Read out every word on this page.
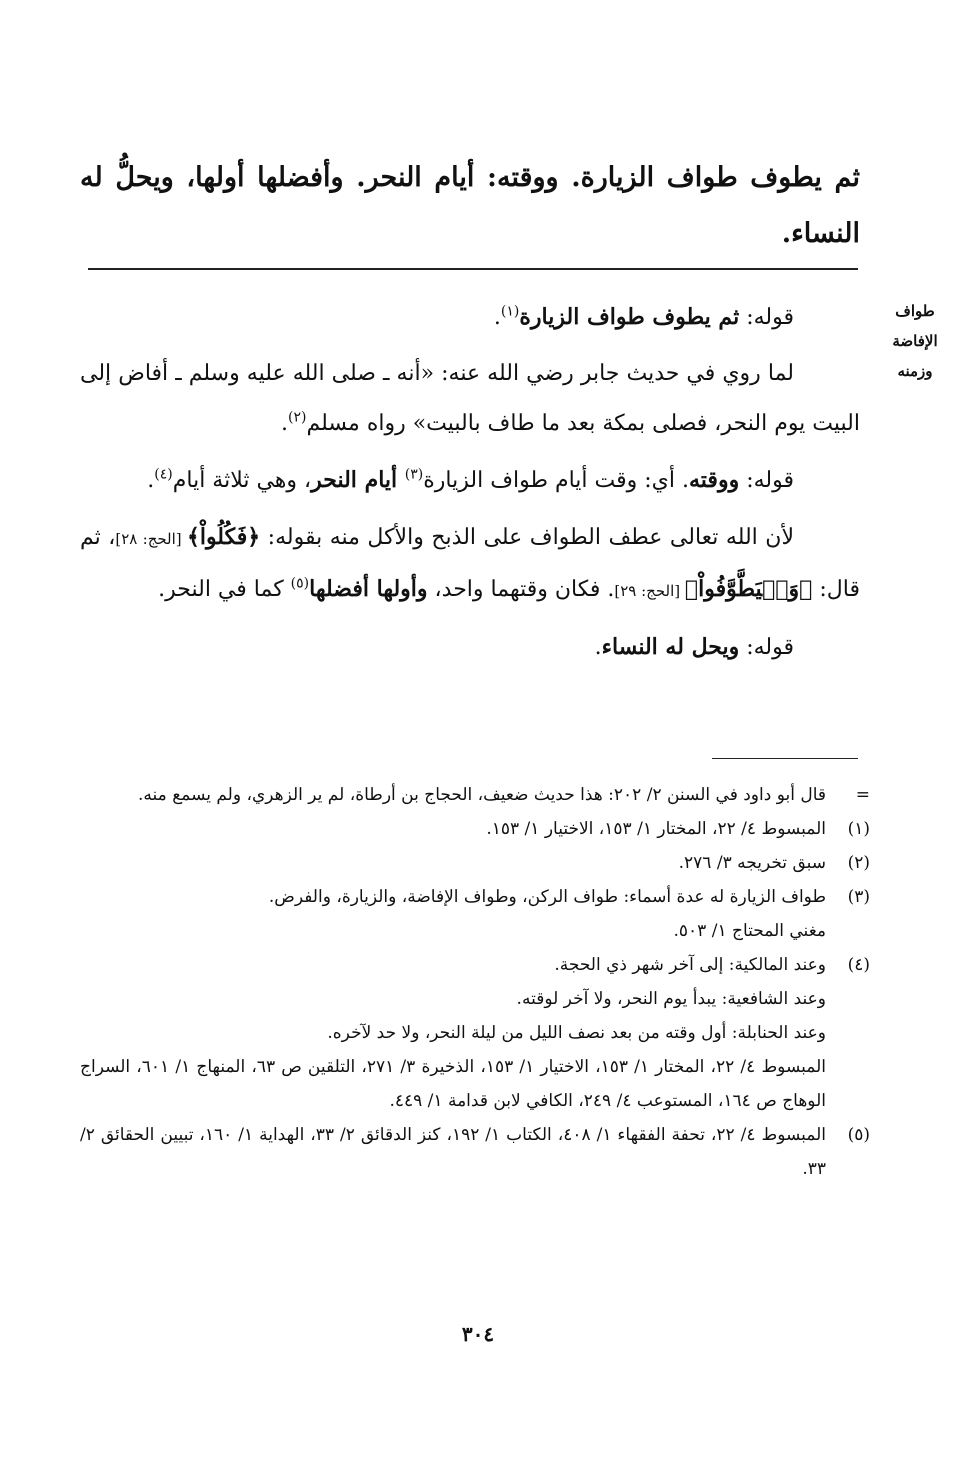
ثم يطوف طواف الزيارة. ووقته: أيام النحر. وأفضلها أولها، ويحلُّ له النساء.
طواف
الإفاضة
وزمنه

قوله: ثم يطوف طواف الزيارة$^{(١)}$.

لما روي في حديث جابر رضي الله عنه: «أنه ـ صلى الله عليه وسلم ـ أفاض إلى البيت يوم النحر، فصلى بمكة بعد ما طاف بالبيت» رواه مسلم$^{(٢)}$.

قوله: ووقته. أي: وقت أيام طواف الزيارة$^{(٣)}$ أيام النحر، وهي ثلاثة أيام$^{(٤)}$.

لأن الله تعالى عطف الطواف على الذبح والأكل منه بقوله: ﴿فَكُلُواْ﴾ [الحج: ٢٨]، ثم قال: ﴿وَلۡيَطَّوَّفُواْ﴾ [الحج: ٢٩]. فكان وقتهما واحد، وأولها أفضلها$^{(٥)}$ كما في النحر.

قوله: ويحل له النساء.

=
قال أبو داود في السنن ٢/ ٢٠٢: هذا حديث ضعيف، الحجاج بن أرطاة، لم ير الزهري، ولم يسمع منه.
(١)
المبسوط ٤/ ٢٢، المختار ١/ ١٥٣، الاختيار ١/ ١٥٣.
(٢)
سبق تخريجه ٣/ ٢٧٦.
(٣)
طواف الزيارة له عدة أسماء: طواف الركن، وطواف الإفاضة، والزيارة، والفرض.
مغني المحتاج ١/ ٥٠٣.
(٤)
وعند المالكية: إلى آخر شهر ذي الحجة.
وعند الشافعية: يبدأ يوم النحر، ولا آخر لوقته.
وعند الحنابلة: أول وقته من بعد نصف الليل من ليلة النحر، ولا حد لآخره.
المبسوط ٤/ ٢٢، المختار ١/ ١٥٣، الاختيار ١/ ١٥٣، الذخيرة ٣/ ٢٧١، التلقين ص ٦٣، المنهاج ١/ ٦٠١، السراج الوهاج ص ١٦٤، المستوعب ٤/ ٢٤٩، الكافي لابن قدامة ١/ ٤٤٩.
(٥)
المبسوط ٤/ ٢٢، تحفة الفقهاء ١/ ٤٠٨، الكتاب ١/ ١٩٢، كنز الدقائق ٢/ ٣٣، الهداية ١/ ١٦٠، تبيين الحقائق ٢/ ٣٣.
٣٠٤
